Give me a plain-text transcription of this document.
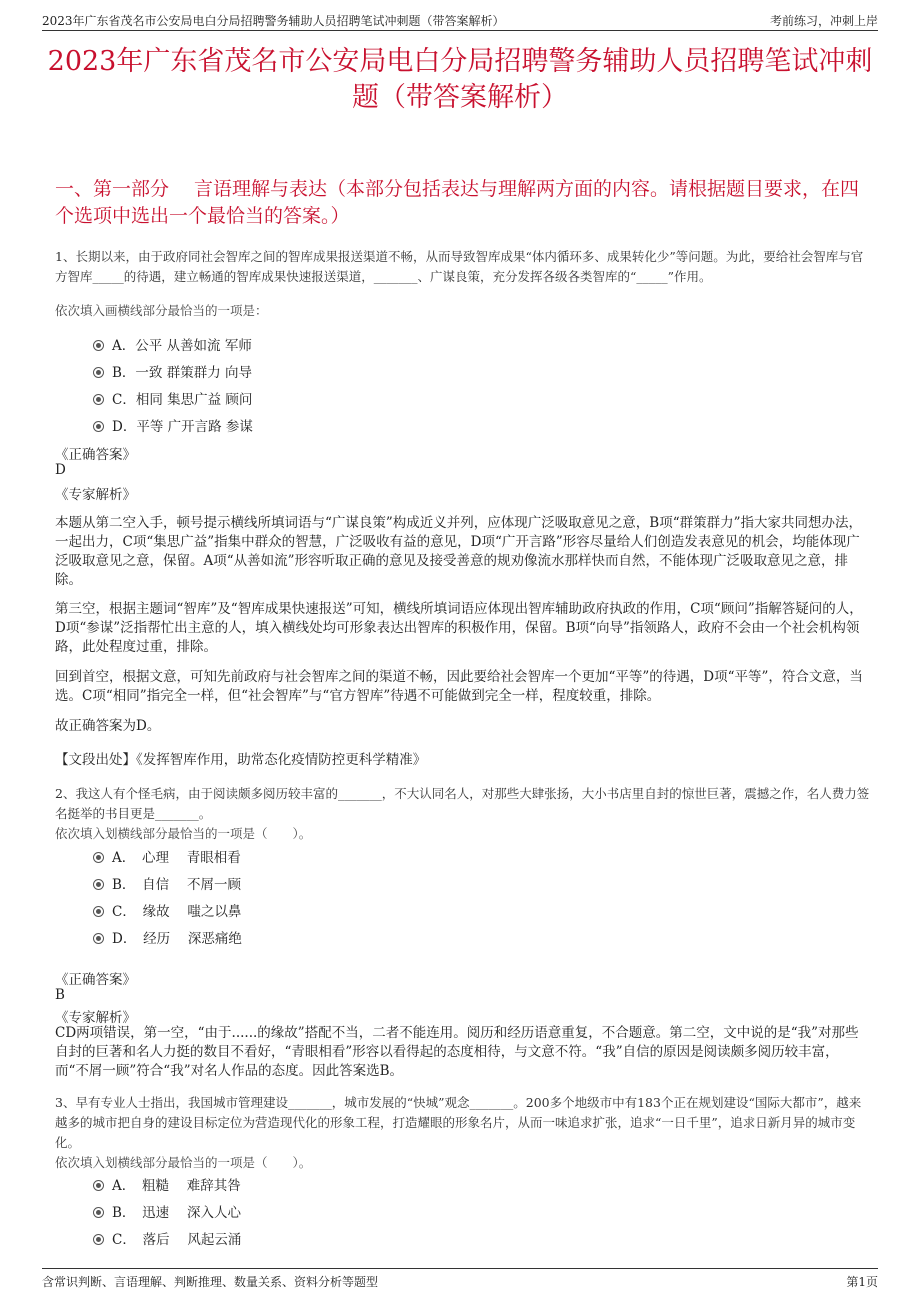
2023年广东省茂名市公安局电白分局招聘警务辅助人员招聘笔试冲刺题（带答案解析）	考前练习，冲刺上岸
2023年广东省茂名市公安局电白分局招聘警务辅助人员招聘笔试冲刺题（带答案解析）
一、第一部分　 言语理解与表达（本部分包括表达与理解两方面的内容。请根据题目要求，在四个选项中选出一个最恰当的答案。）
1、长期以来，由于政府同社会智库之间的智库成果报送渠道不畅，从而导致智库成果“体内循环多、成果转化少”等问题。为此，要给社会智库与官方智库_____的待遇，建立畅通的智库成果快速报送渠道，_______、广谋良策，充分发挥各级各类智库的“_____”作用。
依次填入画横线部分最恰当的一项是：
A．公平 从善如流 军师
B．一致 群策群力 向导
C．相同 集思广益 顾问
D．平等 广开言路 参谋
《正确答案》
D
《专家解析》
本题从第二空入手，顿号提示横线所填词语与“广谋良策”构成近义并列，应体现广泛吸取意见之意，B项“群策群力”指大家共同想办法，一起出力，C项“集思广益”指集中群众的智慧，广泛吸收有益的意见，D项“广开言路”形容尽量给人们创造发表意见的机会，均能体现广泛吸取意见之意，保留。A项“从善如流”形容听取正确的意见及接受善意的规劝像流水那样快而自然，不能体现广泛吸取意见之意，排除。
第三空，根据主题词“智库”及“智库成果快速报送”可知，横线所填词语应体现出智库辅助政府执政的作用，C项“顾问”指解答疑问的人，D项“参谋”泛指帮忙出主意的人，填入横线处均可形象表达出智库的积极作用，保留。B项“向导”指领路人，政府不会由一个社会机构领路，此处程度过重，排除。
回到首空，根据文意，可知先前政府与社会智库之间的渠道不畅，因此要给社会智库一个更加“平等”的待遇，D项“平等”，符合文意，当选。C项“相同”指完全一样，但“社会智库”与“官方智库”待遇不可能做到完全一样，程度较重，排除。
故正确答案为D。
【文段出处】《发挥智库作用，助常态化疫情防控更科学精准》
2、我这人有个怪毛病，由于阅读颇多阅历较丰富的_______，不大认同名人，对那些大肆张扬，大小书店里自封的惊世巨著，震撼之作，名人费力签名挺举的书目更是_______。
依次填入划横线部分最恰当的一项是（　　）。
A．　心理　 青眼相看
B．　自信　 不屑一顾
C．　缘故　 嗤之以鼻
D．　经历　 深恶痛绝
《正确答案》
B
《专家解析》
CD两项错误，第一空，“由于......的缘故”搭配不当，二者不能连用。阅历和经历语意重复，不合题意。第二空，文中说的是“我”对那些自封的巨著和名人力挺的数目不看好，“青眼相看”形容以看得起的态度相待，与文意不符。“我”自信的原因是阅读颇多阅历较丰富，而“不屑一顾”符合“我”对名人作品的态度。因此答案选B。
3、早有专业人士指出，我国城市管理建设_______，城市发展的“快城”观念_______。200多个地级市中有183个正在规划建设“国际大都市”，越来越多的城市把自身的建设目标定位为营造现代化的形象工程，打造耀眼的形象名片，从而一味追求扩张，追求“一日千里”，追求日新月异的城市变化。
依次填入划横线部分最恰当的一项是（　　）。
A．　粗糙　 难辞其咎
B．　迅速　 深入人心
C．　落后　 风起云涌
含常识判断、言语理解、判断推理、数量关系、资料分析等题型	第1页
